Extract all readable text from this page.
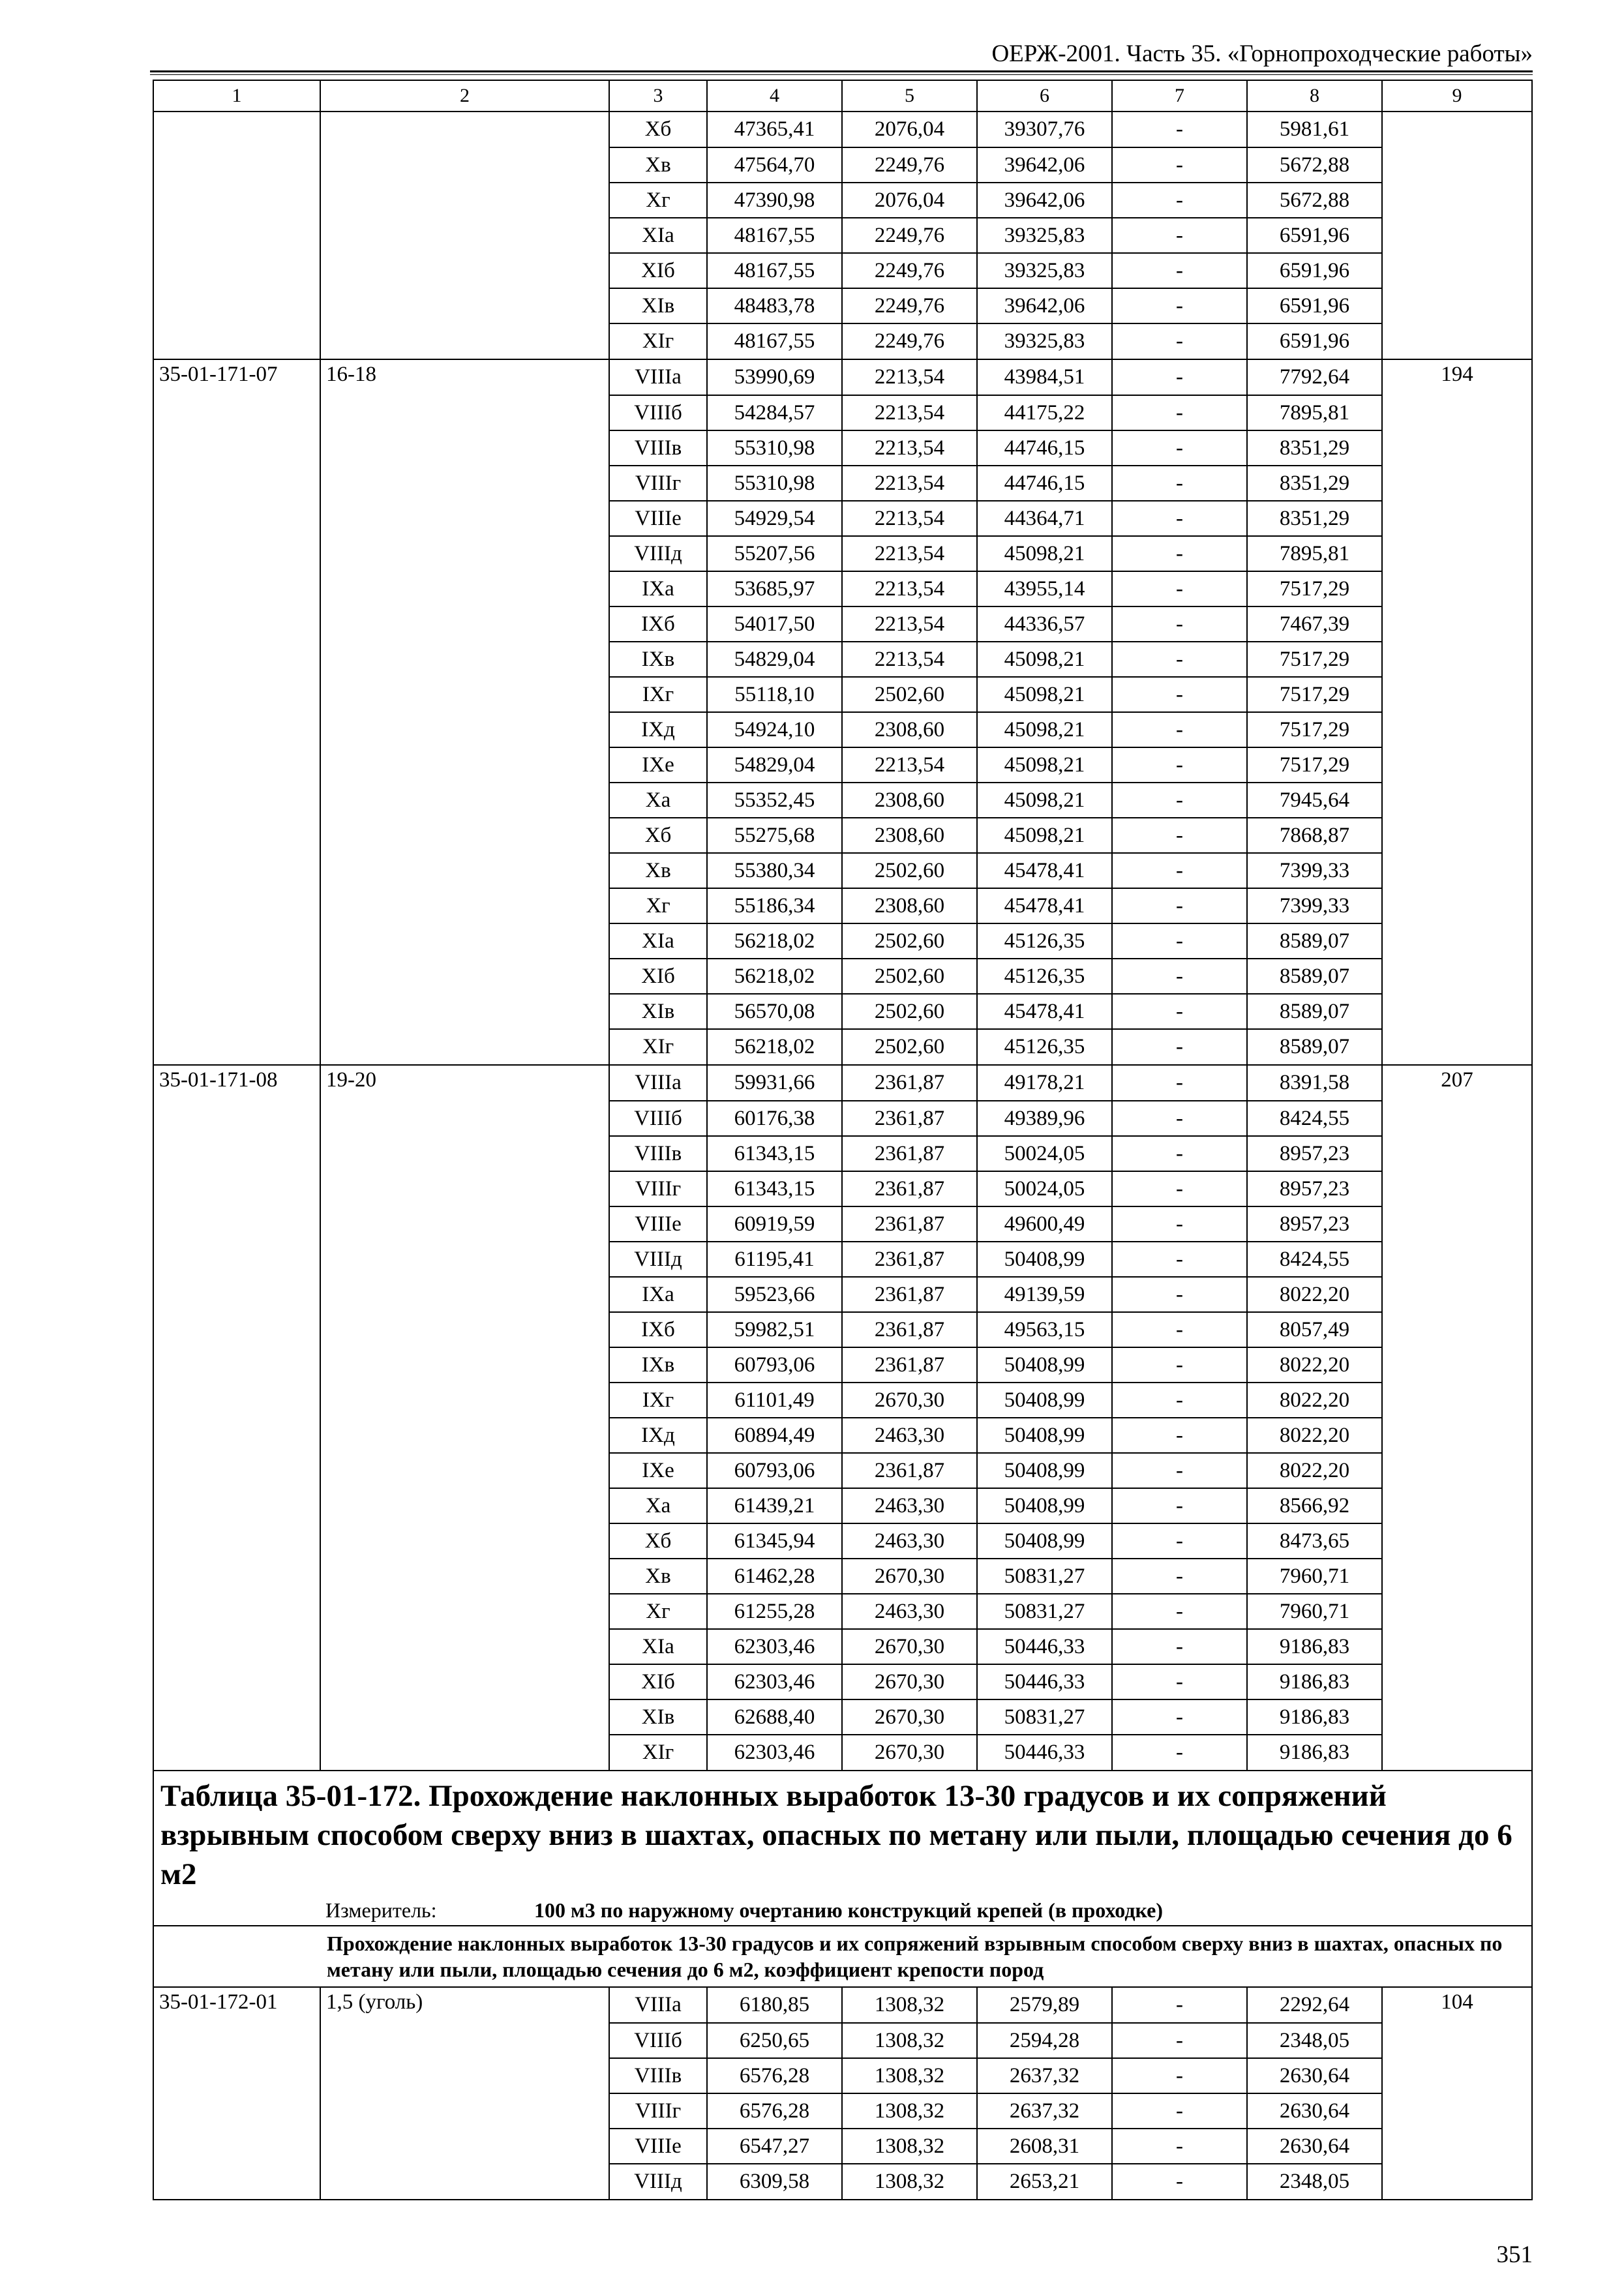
ОЕРЖ-2001. Часть 35. «Горнопроходческие работы»
1	2	3	4	5	6	7	8	9
		Xб	47365,41	2076,04	39307,76	-	5981,61	
		Xв	47564,70	2249,76	39642,06	-	5672,88	
		Xг	47390,98	2076,04	39642,06	-	5672,88	
		XIа	48167,55	2249,76	39325,83	-	6591,96	
		XIб	48167,55	2249,76	39325,83	-	6591,96	
		XIв	48483,78	2249,76	39642,06	-	6591,96	
		XIг	48167,55	2249,76	39325,83	-	6591,96	
35-01-171-07	16-18	VIIIа	53990,69	2213,54	43984,51	-	7792,64	194
		VIIIб	54284,57	2213,54	44175,22	-	7895,81	
		VIIIв	55310,98	2213,54	44746,15	-	8351,29	
		VIIIг	55310,98	2213,54	44746,15	-	8351,29	
		VIIIе	54929,54	2213,54	44364,71	-	8351,29	
		VIIIд	55207,56	2213,54	45098,21	-	7895,81	
		IXа	53685,97	2213,54	43955,14	-	7517,29	
		IXб	54017,50	2213,54	44336,57	-	7467,39	
		IXв	54829,04	2213,54	45098,21	-	7517,29	
		IXг	55118,10	2502,60	45098,21	-	7517,29	
		IXд	54924,10	2308,60	45098,21	-	7517,29	
		IXе	54829,04	2213,54	45098,21	-	7517,29	
		Xа	55352,45	2308,60	45098,21	-	7945,64	
		Xб	55275,68	2308,60	45098,21	-	7868,87	
		Xв	55380,34	2502,60	45478,41	-	7399,33	
		Xг	55186,34	2308,60	45478,41	-	7399,33	
		XIа	56218,02	2502,60	45126,35	-	8589,07	
		XIб	56218,02	2502,60	45126,35	-	8589,07	
		XIв	56570,08	2502,60	45478,41	-	8589,07	
		XIг	56218,02	2502,60	45126,35	-	8589,07	
35-01-171-08	19-20	VIIIа	59931,66	2361,87	49178,21	-	8391,58	207
		VIIIб	60176,38	2361,87	49389,96	-	8424,55	
		VIIIв	61343,15	2361,87	50024,05	-	8957,23	
		VIIIг	61343,15	2361,87	50024,05	-	8957,23	
		VIIIе	60919,59	2361,87	49600,49	-	8957,23	
		VIIIд	61195,41	2361,87	50408,99	-	8424,55	
		IXа	59523,66	2361,87	49139,59	-	8022,20	
		IXб	59982,51	2361,87	49563,15	-	8057,49	
		IXв	60793,06	2361,87	50408,99	-	8022,20	
		IXг	61101,49	2670,30	50408,99	-	8022,20	
		IXд	60894,49	2463,30	50408,99	-	8022,20	
		IXе	60793,06	2361,87	50408,99	-	8022,20	
		Xа	61439,21	2463,30	50408,99	-	8566,92	
		Xб	61345,94	2463,30	50408,99	-	8473,65	
		Xв	61462,28	2670,30	50831,27	-	7960,71	
		Xг	61255,28	2463,30	50831,27	-	7960,71	
		XIа	62303,46	2670,30	50446,33	-	9186,83	
		XIб	62303,46	2670,30	50446,33	-	9186,83	
		XIв	62688,40	2670,30	50831,27	-	9186,83	
		XIг	62303,46	2670,30	50446,33	-	9186,83	
Таблица 35-01-172. Прохождение наклонных выработок 13-30 градусов и их сопряжений взрывным способом сверху вниз в шахтах, опасных по метану или пыли, площадью сечения до 6 м2								
	Измеритель: 100 м3 по наружному очертанию конструкций крепей (в проходке)							
	Прохождение наклонных выработок 13-30 градусов и их сопряжений взрывным способом сверху вниз в шахтах, опасных по метану или пыли, площадью сечения до 6 м2, коэффициент крепости пород							
35-01-172-01	1,5 (уголь)	VIIIа	6180,85	1308,32	2579,89	-	2292,64	104
		VIIIб	6250,65	1308,32	2594,28	-	2348,05	
		VIIIв	6576,28	1308,32	2637,32	-	2630,64	
		VIIIг	6576,28	1308,32	2637,32	-	2630,64	
		VIIIе	6547,27	1308,32	2608,31	-	2630,64	
		VIIIд	6309,58	1308,32	2653,21	-	2348,05	
351
